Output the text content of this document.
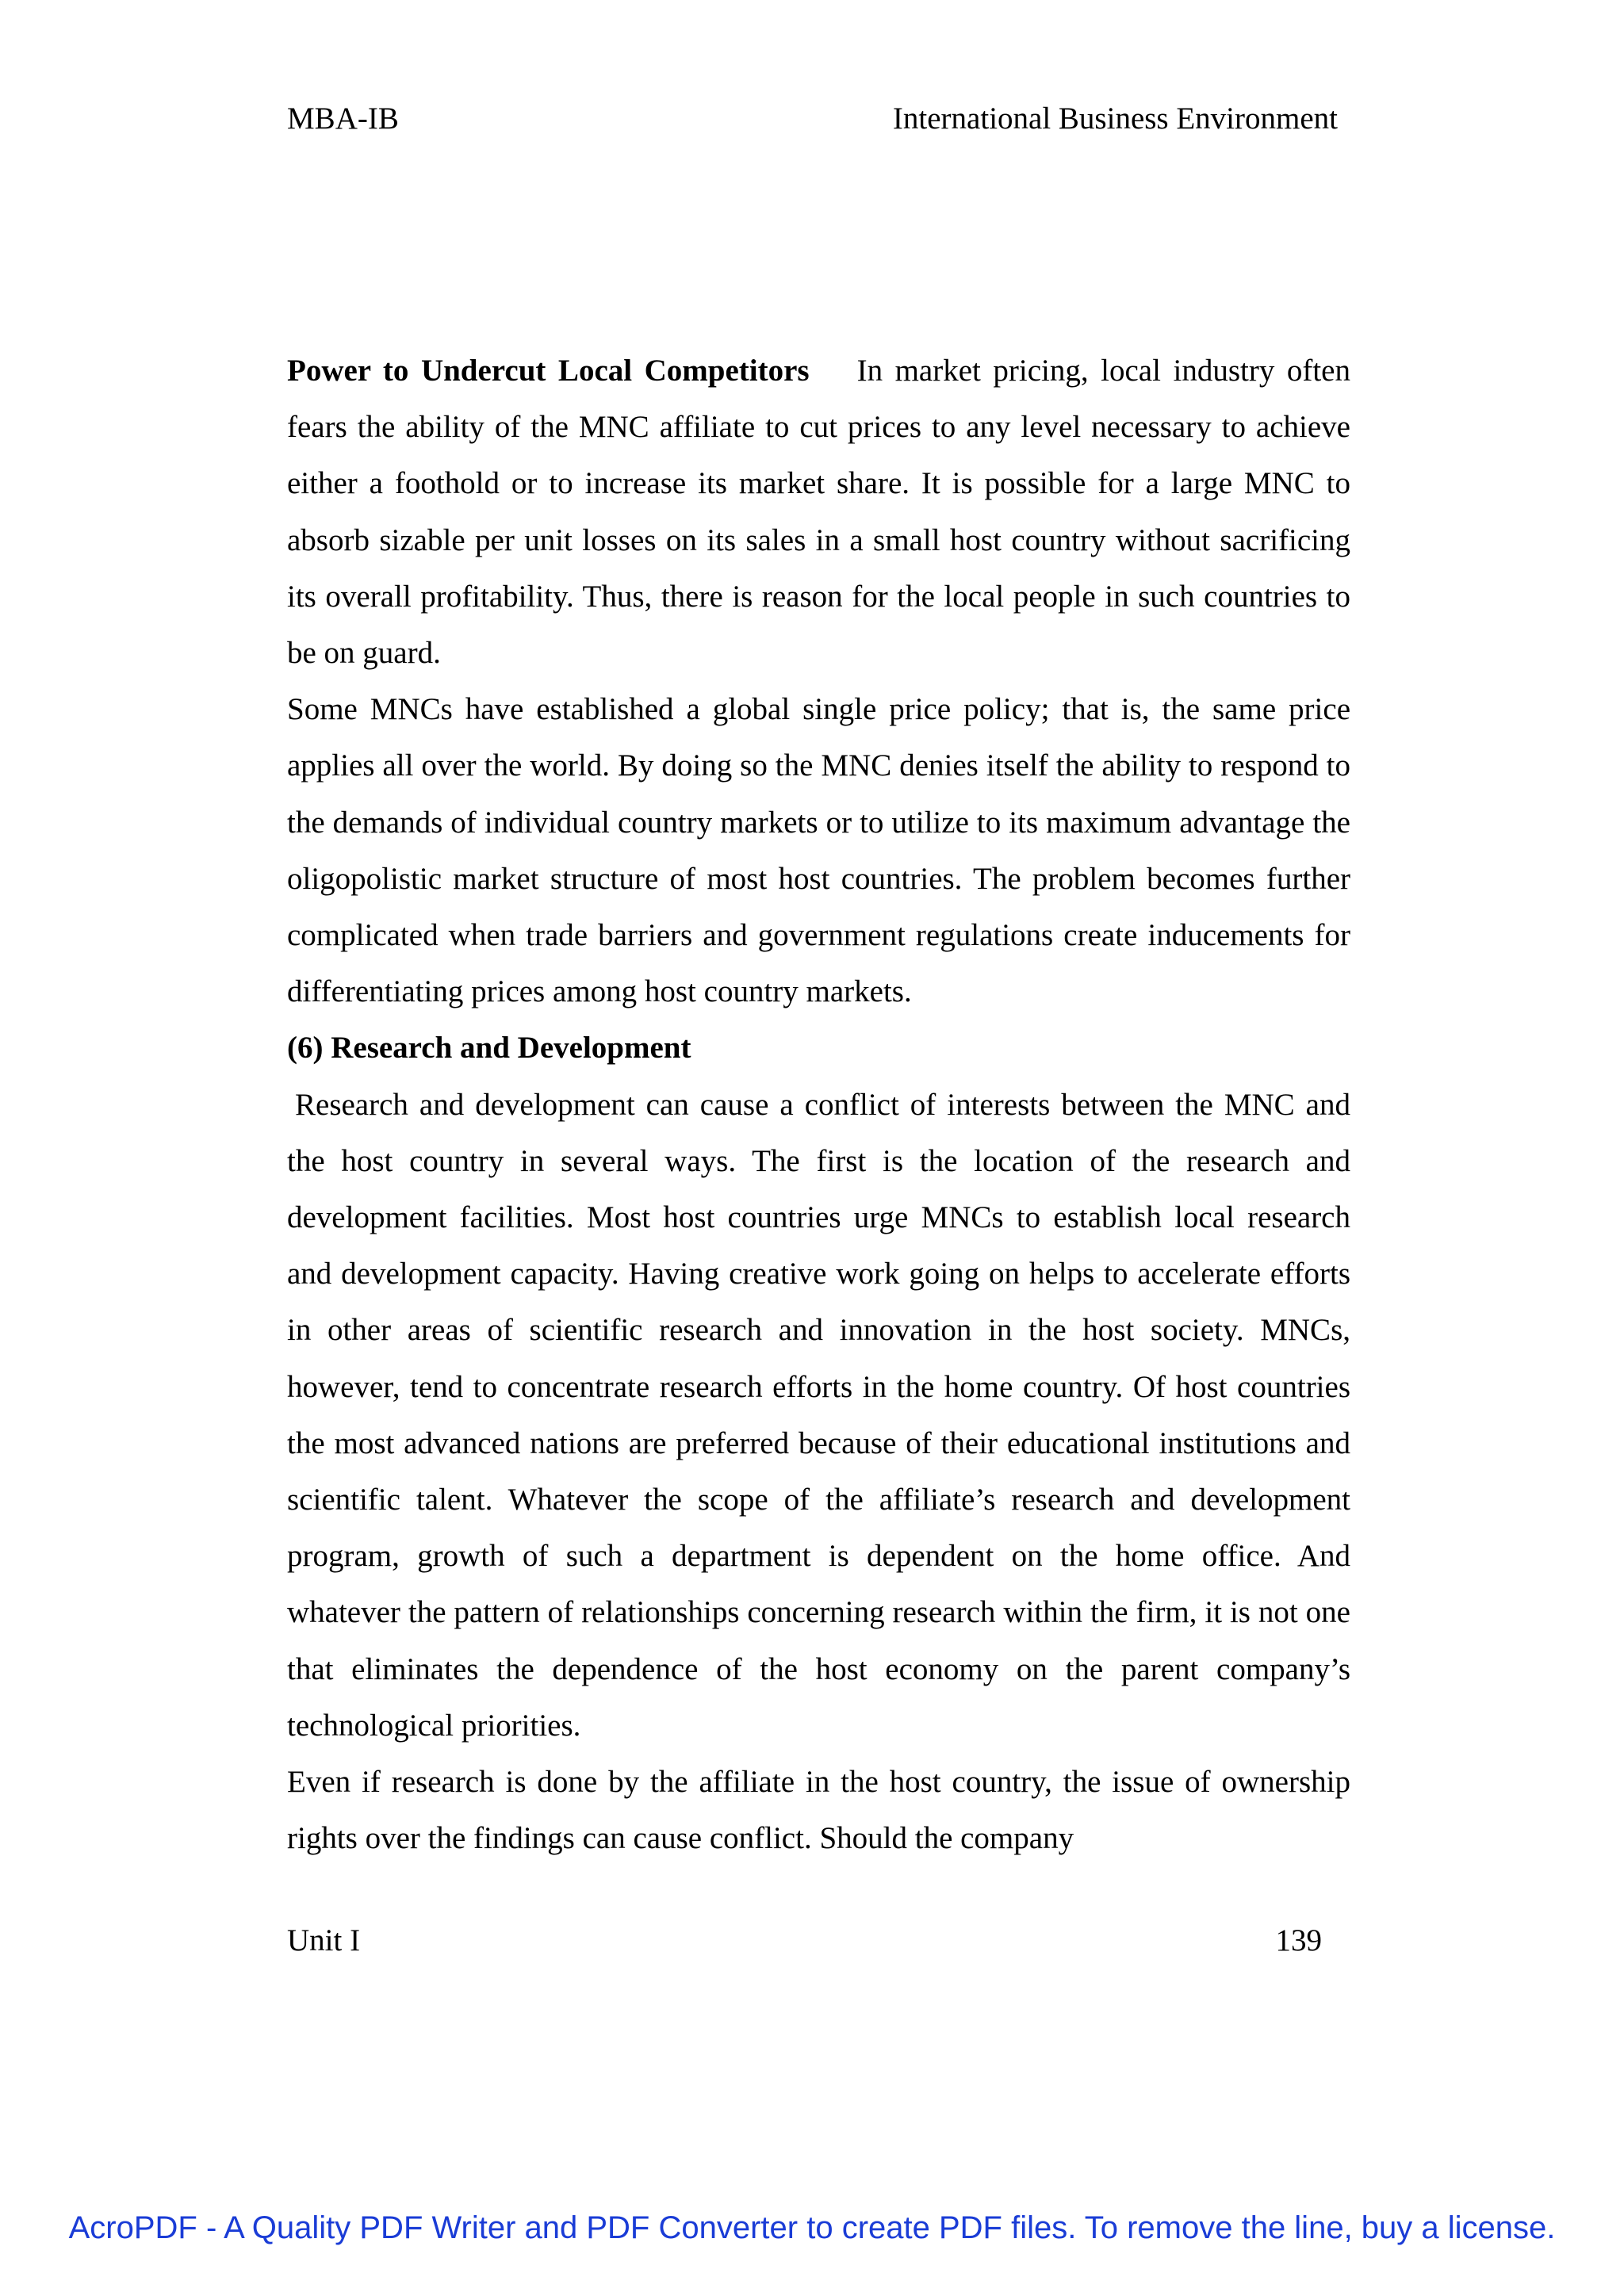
MBA-IB	International Business Environment

Power to Undercut Local Competitors In market pricing, local industry often fears the ability of the MNC affiliate to cut prices to any level necessary to achieve either a foothold or to increase its market share. It is possible for a large MNC to absorb sizable per unit losses on its sales in a small host country without sacrificing its overall profitability. Thus, there is reason for the local people in such countries to be on guard.

Some MNCs have established a global single price policy; that is, the same price applies all over the world. By doing so the MNC denies itself the ability to respond to the demands of individual country markets or to utilize to its maximum advantage the oligopolistic market structure of most host countries. The problem becomes further complicated when trade barriers and government regulations create inducements for differentiating prices among host country markets.

(6) Research and Development

Research and development can cause a conflict of interests between the MNC and the host country in several ways. The first is the location of the research and development facilities. Most host countries urge MNCs to establish local research and development capacity. Having creative work going on helps to accelerate efforts in other areas of scientific research and innovation in the host society. MNCs, however, tend to concentrate research efforts in the home country. Of host countries the most advanced nations are preferred because of their educational institutions and scientific talent. Whatever the scope of the affiliate’s research and development program, growth of such a department is dependent on the home office. And whatever the pattern of relationships concerning research within the firm, it is not one that eliminates the dependence of the host economy on the parent company’s technological priorities.

Even if research is done by the affiliate in the host country, the issue of ownership rights over the findings can cause conflict. Should the company

Unit I	139
AcroPDF - A Quality PDF Writer and PDF Converter to create PDF files. To remove the line, buy a license.
